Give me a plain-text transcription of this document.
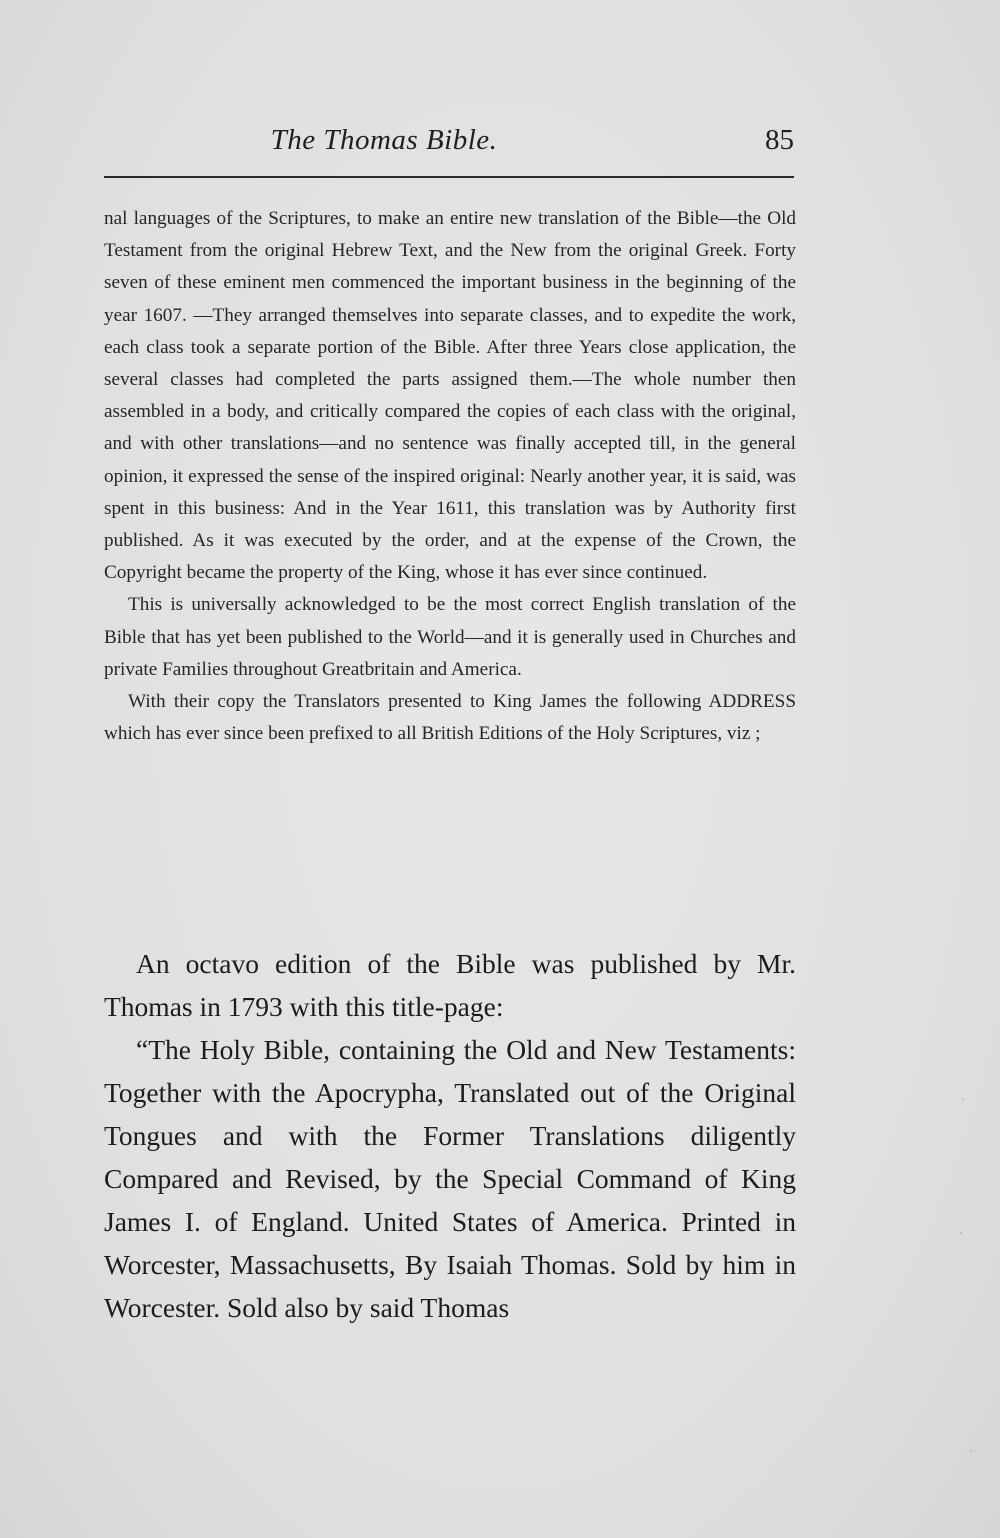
The Thomas Bible.	85

nal languages of the Scriptures, to make an entire new translation of the Bible—the Old Testament from the original Hebrew Text, and the New from the original Greek. Forty seven of these eminent men commenced the important business in the beginning of the year 1607. —They arranged themselves into separate classes, and to expedite the work, each class took a separate portion of the Bible. After three Years close application, the several classes had completed the parts assigned them.—The whole number then assembled in a body, and critically compared the copies of each class with the original, and with other translations—and no sentence was finally accepted till, in the general opinion, it expressed the sense of the inspired original: Nearly another year, it is said, was spent in this business: And in the Year 1611, this translation was by Authority first published. As it was executed by the order, and at the expense of the Crown, the Copyright became the property of the King, whose it has ever since continued.

This is universally acknowledged to be the most correct English translation of the Bible that has yet been published to the World—and it is generally used in Churches and private Families throughout Greatbritain and America.

With their copy the Translators presented to King James the following ADDRESS which has ever since been prefixed to all British Editions of the Holy Scriptures, viz ;

An octavo edition of the Bible was published by Mr. Thomas in 1793 with this title-page:

“The Holy Bible, containing the Old and New Testaments: Together with the Apocrypha, Translated out of the Original Tongues and with the Former Translations diligently Compared and Revised, by the Special Command of King James I. of England. United States of America. Printed in Worcester, Massachusetts, By Isaiah Thomas. Sold by him in Worcester. Sold also by said Thomas
